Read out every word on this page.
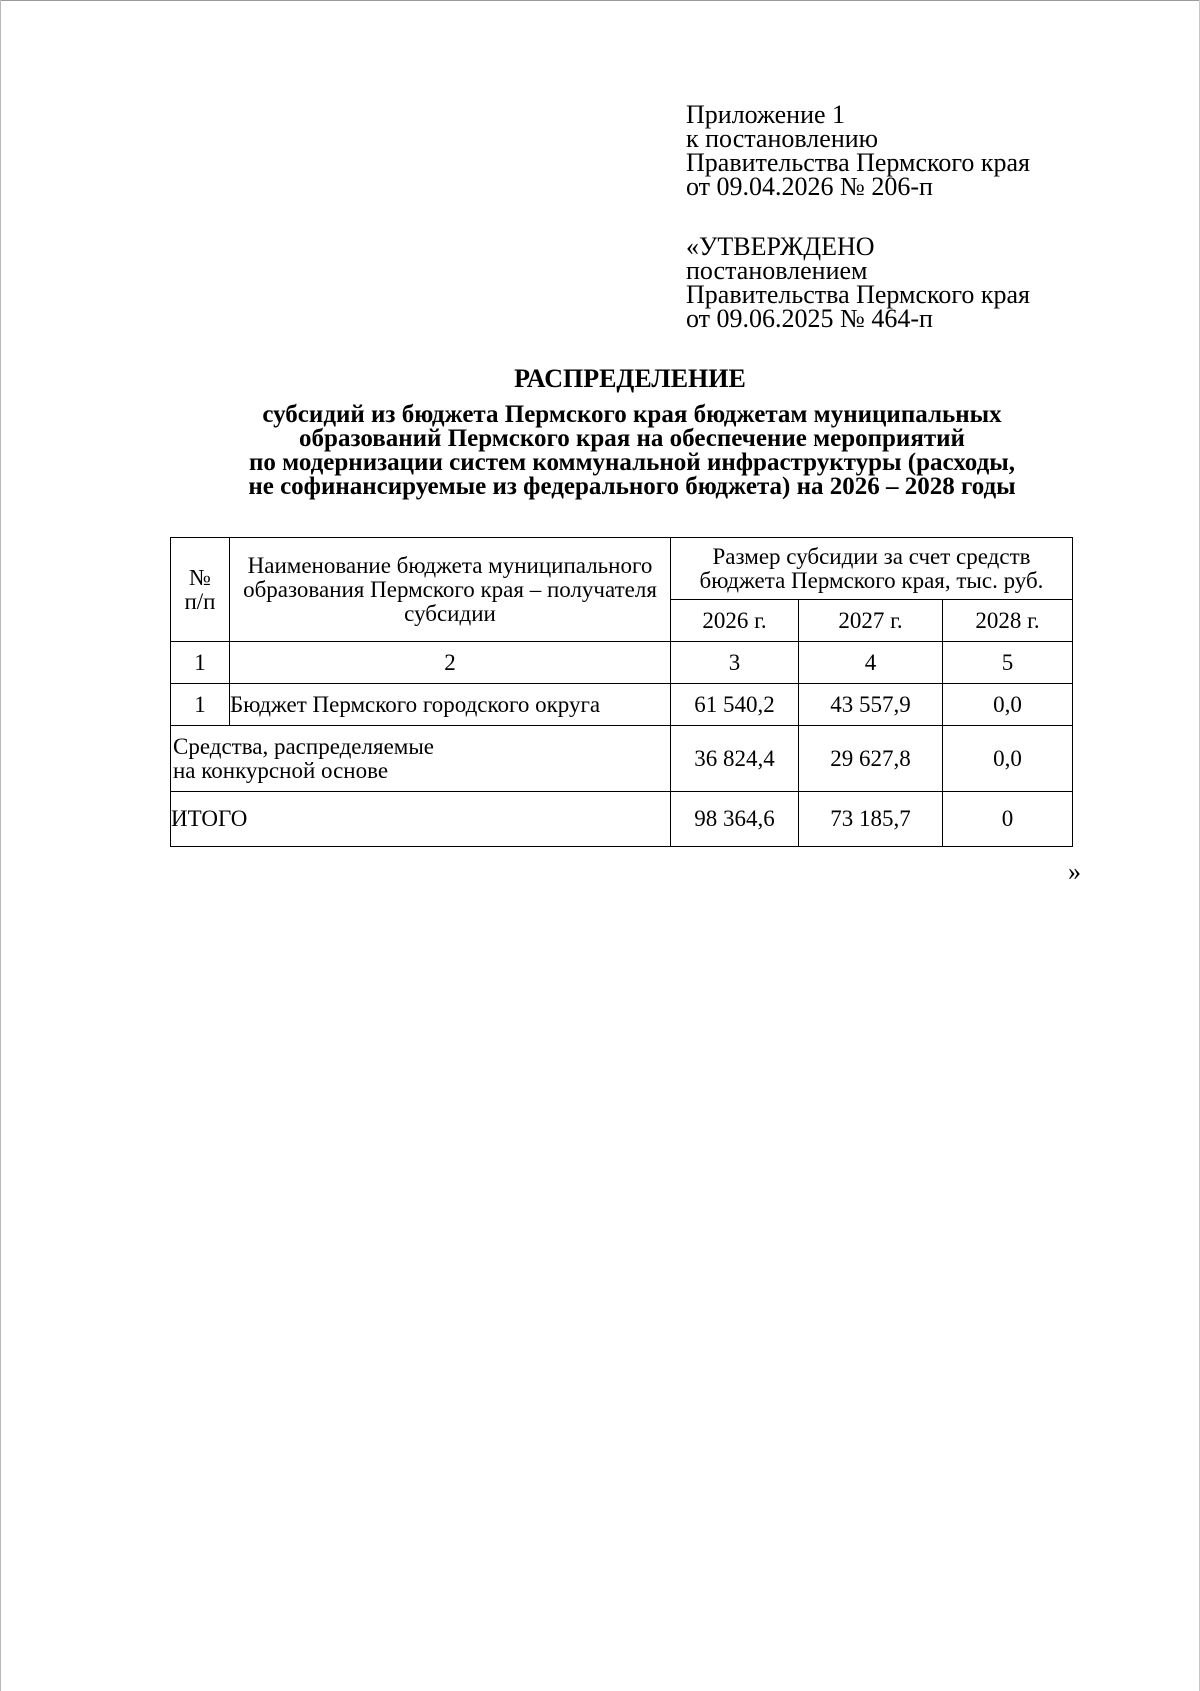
Приложение 1
к постановлению
Правительства Пермского края
от 09.04.2026 № 206-п
«УТВЕРЖДЕНО
постановлением
Правительства Пермского края
от 09.06.2025 № 464-п
РАСПРЕДЕЛЕНИЕ
субсидий из бюджета Пермского края бюджетам муниципальных
образований Пермского края на обеспечение мероприятий
по модернизации систем коммунальной инфраструктуры (расходы,
не софинансируемые из федерального бюджета) на 2026 – 2028 годы
№
п/п	Наименование бюджета муниципального образования Пермского края – получателя субсидии	Размер субсидии за счет средств бюджета Пермского края, тыс. руб.		
		2026 г.	2027 г.	2028 г.
1	2	3	4	5
1	Бюджет Пермского городского округа	61 540,2	43 557,9	0,0

Средства, распределяемые
на конкурсной основе		36 824,4	29 627,8	0,0
ИТОГО		98 364,6	73 185,7	0
»
